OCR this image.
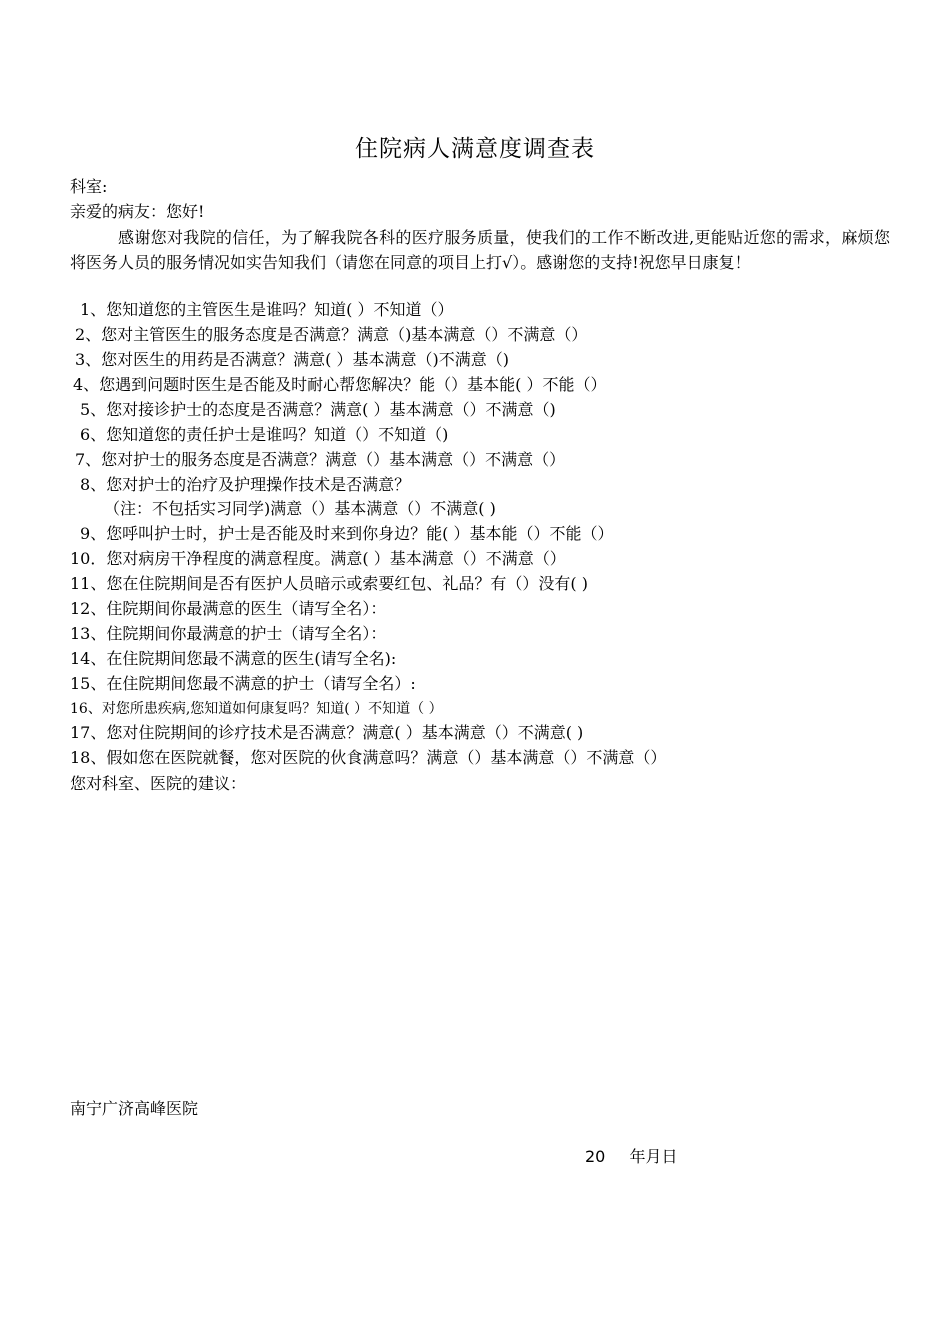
住院病人满意度调查表
科室:
亲爱的病友：您好!
感谢您对我院的信任，为了解我院各科的医疗服务质量，使我们的工作不断改进,更能贴近您的需求，麻烦您将医务人员的服务情况如实告知我们（请您在同意的项目上打√）。感谢您的支持!祝您早日康复！
1、您知道您的主管医生是谁吗？知道( ）不知道（）
2、您对主管医生的服务态度是否满意？满意（)基本满意（）不满意（）
3、您对医生的用药是否满意？满意( ）基本满意（)不满意（)
4、您遇到问题时医生是否能及时耐心帮您解决？能（）基本能( ）不能（）
5、您对接诊护士的态度是否满意？满意( ）基本满意（）不满意（)
6、您知道您的责任护士是谁吗？知道（）不知道（)
7、您对护士的服务态度是否满意？满意（）基本满意（）不满意（）
8、您对护士的治疗及护理操作技术是否满意？
（注：不包括实习同学)满意（）基本满意（）不满意( )
9、您呼叫护士时，护士是否能及时来到你身边？能( ）基本能（）不能（）
10．您对病房干净程度的满意程度。满意( ）基本满意（）不满意（）
11、您在住院期间是否有医护人员暗示或索要红包、礼品？有（）没有( )
12、住院期间你最满意的医生（请写全名）：
13、住院期间你最满意的护士（请写全名）：
14、在住院期间您最不满意的医生(请写全名):
15、在住院期间您最不满意的护士（请写全名）:
16、对您所患疾病,您知道如何康复吗？知道( ）不知道（ ）
17、您对住院期间的诊疗技术是否满意？满意( ）基本满意（）不满意( )
18、假如您在医院就餐，您对医院的伙食满意吗？满意（）基本满意（）不满意（）
您对科室、医院的建议：
南宁广济高峰医院
20 年月日
